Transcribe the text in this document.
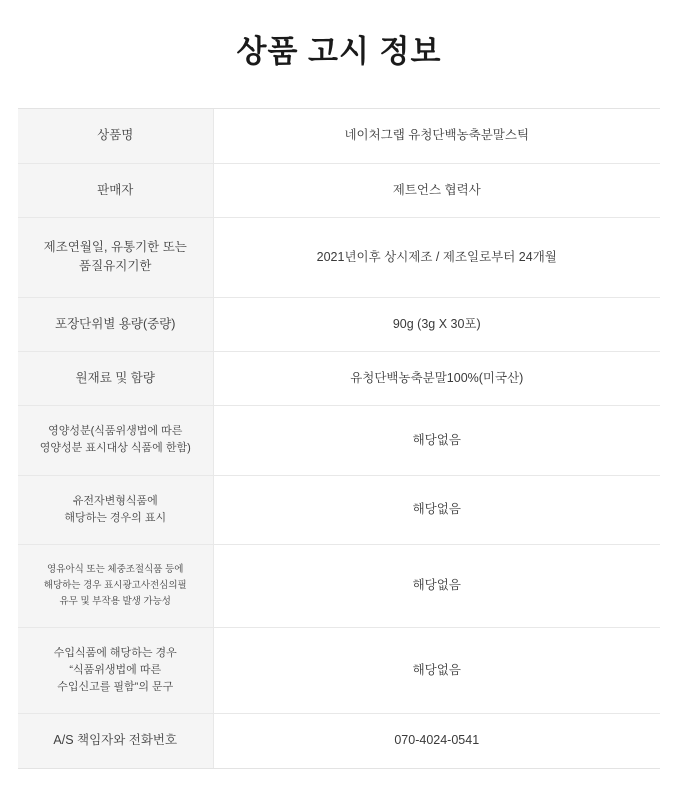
상품 고시 정보
상품명	네이처그랩 유청단백농축분말스틱
판매자	제트언스 협력사
제조연월일, 유통기한 또는
품질유지기한	2021년이후 상시제조 / 제조일로부터 24개월
포장단위별 용량(중량)	90g (3g X 30포)
원재료 및 함량	유청단백농축분말100%(미국산)
영양성분(식품위생법에 따른
영양성분 표시대상 식품에 한함)	해당없음
유전자변형식품에
해당하는 경우의 표시	해당없음
영유아식 또는 체중조절식품 등에
해당하는 경우 표시광고사전심의필
유무 및 부작용 발생 가능성	해당없음
수입식품에 해당하는 경우
“식품위생법에 따른
수입신고를 필함”의 문구	해당없음
A/S 책임자와 전화번호	070-4024-0541
